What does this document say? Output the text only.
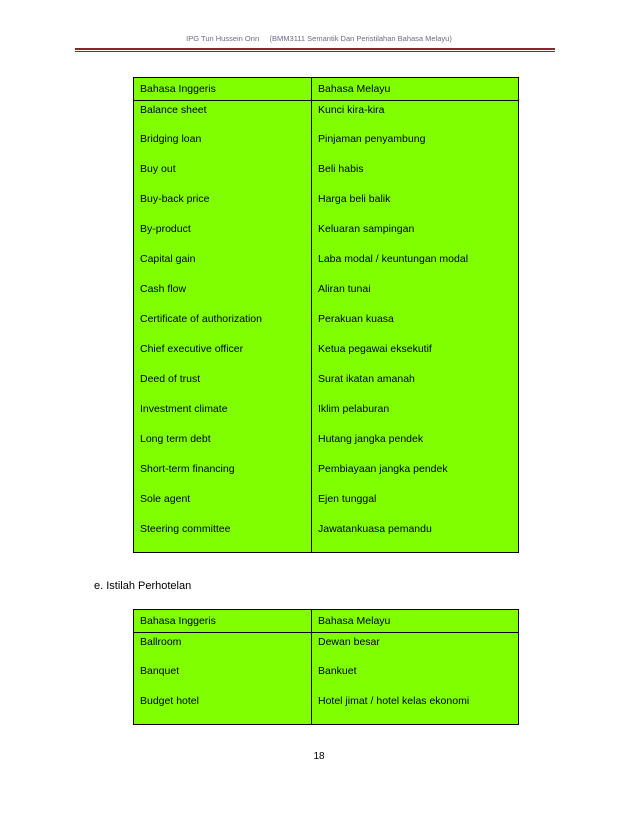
IPG Tun Hussein Onn (BMM3111 Semantik Dan Peristilahan Bahasa Melayu)
Bahasa Inggeris	Bahasa Melayu
Balance sheet	Kunci kira-kira
Bridging loan	Pinjaman penyambung
Buy out	Beli habis
Buy-back price	Harga beli balik
By-product	Keluaran sampingan
Capital gain	Laba modal / keuntungan modal
Cash flow	Aliran tunai
Certificate of authorization	Perakuan kuasa
Chief executive officer	Ketua pegawai eksekutif
Deed of trust	Surat ikatan amanah
Investment climate	Iklim pelaburan
Long term debt	Hutang jangka pendek
Short-term financing	Pembiayaan jangka pendek
Sole agent	Ejen tunggal
Steering committee	Jawatankuasa pemandu
e. Istilah Perhotelan
Bahasa Inggeris	Bahasa Melayu
Ballroom	Dewan besar
Banquet	Bankuet
Budget hotel	Hotel jimat / hotel kelas ekonomi
18
